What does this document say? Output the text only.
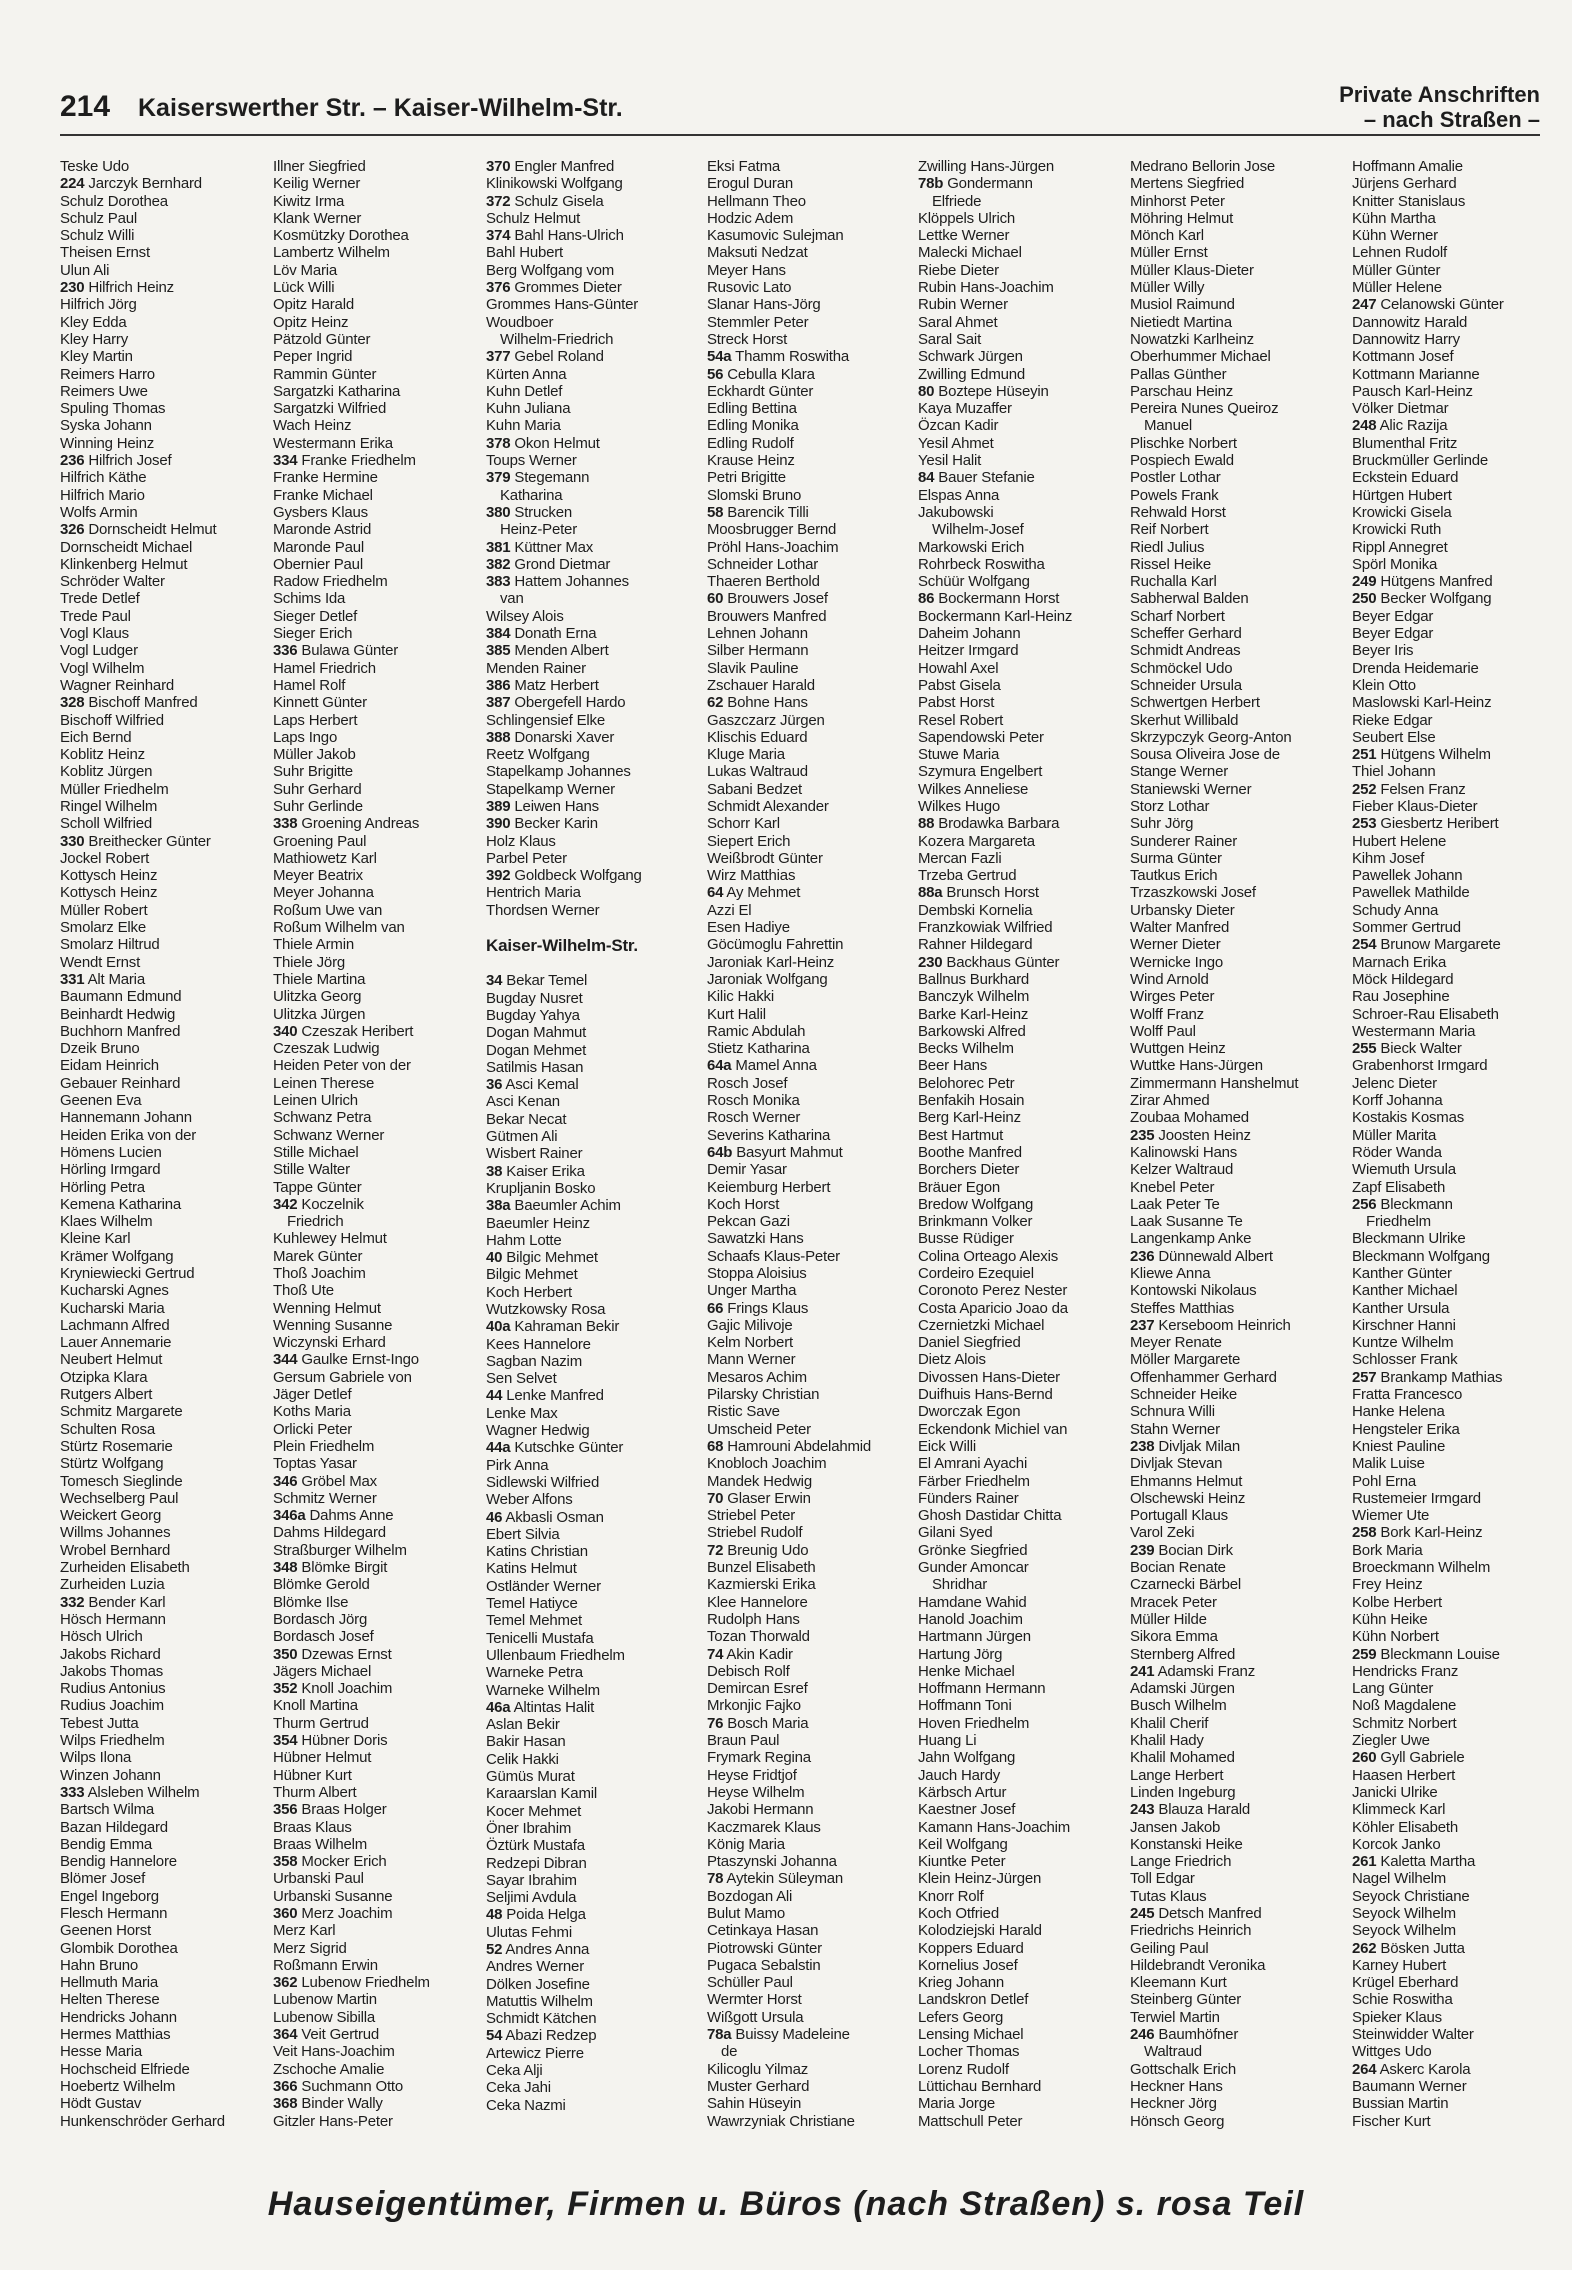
214 Kaiserswerther Str. – Kaiser-Wilhelm-Str.	Private Anschriften
– nach Straßen –
Teske Udo
224 Jarczyk Bernhard
Schulz Dorothea
Schulz Paul
Schulz Willi
Theisen Ernst
Ulun Ali
230 Hilfrich Heinz
Hilfrich Jörg
Kley Edda
Kley Harry
Kley Martin
Reimers Harro
Reimers Uwe
Spuling Thomas
Syska Johann
Winning Heinz
236 Hilfrich Josef
Hilfrich Käthe
Hilfrich Mario
Wolfs Armin
326 Dornscheidt Helmut
Dornscheidt Michael
Klinkenberg Helmut
Schröder Walter
Trede Detlef
Trede Paul
Vogl Klaus
Vogl Ludger
Vogl Wilhelm
Wagner Reinhard
328 Bischoff Manfred
Bischoff Wilfried
Eich Bernd
Koblitz Heinz
Koblitz Jürgen
Müller Friedhelm
Ringel Wilhelm
Scholl Wilfried
330 Breithecker Günter
Jockel Robert
Kottysch Heinz
Kottysch Heinz
Müller Robert
Smolarz Elke
Smolarz Hiltrud
Wendt Ernst
331 Alt Maria
Baumann Edmund
Beinhardt Hedwig
Buchhorn Manfred
Dzeik Bruno
Eidam Heinrich
Gebauer Reinhard
Geenen Eva
Hannemann Johann
Heiden Erika von der
Hömens Lucien
Hörling Irmgard
Hörling Petra
Kemena Katharina
Klaes Wilhelm
Kleine Karl
Krämer Wolfgang
Kryniewiecki Gertrud
Kucharski Agnes
Kucharski Maria
Lachmann Alfred
Lauer Annemarie
Neubert Helmut
Otzipka Klara
Rutgers Albert
Schmitz Margarete
Schulten Rosa
Stürtz Rosemarie
Stürtz Wolfgang
Tomesch Sieglinde
Wechselberg Paul
Weickert Georg
Willms Johannes
Wrobel Bernhard
Zurheiden Elisabeth
Zurheiden Luzia
332 Bender Karl
Hösch Hermann
Hösch Ulrich
Jakobs Richard
Jakobs Thomas
Rudius Antonius
Rudius Joachim
Tebest Jutta
Wilps Friedhelm
Wilps Ilona
Winzen Johann
333 Alsleben Wilhelm
Bartsch Wilma
Bazan Hildegard
Bendig Emma
Bendig Hannelore
Blömer Josef
Engel Ingeborg
Flesch Hermann
Geenen Horst
Glombik Dorothea
Hahn Bruno
Hellmuth Maria
Helten Therese
Hendricks Johann
Hermes Matthias
Hesse Maria
Hochscheid Elfriede
Hoebertz Wilhelm
Hödt Gustav
Hunkenschröder Gerhard
Illner Siegfried
Keilig Werner
Kiwitz Irma
Klank Werner
Kosmützky Dorothea
Lambertz Wilhelm
Löv Maria
Lück Willi
Opitz Harald
Opitz Heinz
Pätzold Günter
Peper Ingrid
Rammin Günter
Sargatzki Katharina
Sargatzki Wilfried
Wach Heinz
Westermann Erika
334 Franke Friedhelm
Franke Hermine
Franke Michael
Gysbers Klaus
Maronde Astrid
Maronde Paul
Obernier Paul
Radow Friedhelm
Schims Ida
Sieger Detlef
Sieger Erich
336 Bulawa Günter
Hamel Friedrich
Hamel Rolf
Kinnett Günter
Laps Herbert
Laps Ingo
Müller Jakob
Suhr Brigitte
Suhr Gerhard
Suhr Gerlinde
338 Groening Andreas
Groening Paul
Mathiowetz Karl
Meyer Beatrix
Meyer Johanna
Roßum Uwe van
Roßum Wilhelm van
Thiele Armin
Thiele Jörg
Thiele Martina
Ulitzka Georg
Ulitzka Jürgen
340 Czeszak Heribert
Czeszak Ludwig
Heiden Peter von der
Leinen Therese
Leinen Ulrich
Schwanz Petra
Schwanz Werner
Stille Michael
Stille Walter
Tappe Günter
342 Koczelnik
Friedrich
Kuhlewey Helmut
Marek Günter
Thoß Joachim
Thoß Ute
Wenning Helmut
Wenning Susanne
Wiczynski Erhard
344 Gaulke Ernst-Ingo
Gersum Gabriele von
Jäger Detlef
Koths Maria
Orlicki Peter
Plein Friedhelm
Toptas Yasar
346 Gröbel Max
Schmitz Werner
346a Dahms Anne
Dahms Hildegard
Straßburger Wilhelm
348 Blömke Birgit
Blömke Gerold
Blömke Ilse
Bordasch Jörg
Bordasch Josef
350 Dzewas Ernst
Jägers Michael
352 Knoll Joachim
Knoll Martina
Thurm Gertrud
354 Hübner Doris
Hübner Helmut
Hübner Kurt
Thurm Albert
356 Braas Holger
Braas Klaus
Braas Wilhelm
358 Mocker Erich
Urbanski Paul
Urbanski Susanne
360 Merz Joachim
Merz Karl
Merz Sigrid
Roßmann Erwin
362 Lubenow Friedhelm
Lubenow Martin
Lubenow Sibilla
364 Veit Gertrud
Veit Hans-Joachim
Zschoche Amalie
366 Suchmann Otto
368 Binder Wally
Gitzler Hans-Peter
370 Engler Manfred
Klinikowski Wolfgang
372 Schulz Gisela
Schulz Helmut
374 Bahl Hans-Ulrich
Bahl Hubert
Berg Wolfgang vom
376 Grommes Dieter
Grommes Hans-Günter
Woudboer
Wilhelm-Friedrich
377 Gebel Roland
Kürten Anna
Kuhn Detlef
Kuhn Juliana
Kuhn Maria
378 Okon Helmut
Toups Werner
379 Stegemann
Katharina
380 Strucken
Heinz-Peter
381 Küttner Max
382 Grond Dietmar
383 Hattem Johannes
van
Wilsey Alois
384 Donath Erna
385 Menden Albert
Menden Rainer
386 Matz Herbert
387 Obergefell Hardo
Schlingensief Elke
388 Donarski Xaver
Reetz Wolfgang
Stapelkamp Johannes
Stapelkamp Werner
389 Leiwen Hans
390 Becker Karin
Holz Klaus
Parbel Peter
392 Goldbeck Wolfgang
Hentrich Maria
Thordsen Werner
Kaiser-Wilhelm-Str.
34 Bekar Temel
Bugday Nusret
Bugday Yahya
Dogan Mahmut
Dogan Mehmet
Satilmis Hasan
36 Asci Kemal
Asci Kenan
Bekar Necat
Gütmen Ali
Wisbert Rainer
38 Kaiser Erika
Krupljanin Bosko
38a Baeumler Achim
Baeumler Heinz
Hahm Lotte
40 Bilgic Mehmet
Bilgic Mehmet
Koch Herbert
Wutzkowsky Rosa
40a Kahraman Bekir
Kees Hannelore
Sagban Nazim
Sen Selvet
44 Lenke Manfred
Lenke Max
Wagner Hedwig
44a Kutschke Günter
Pirk Anna
Sidlewski Wilfried
Weber Alfons
46 Akbasli Osman
Ebert Silvia
Katins Christian
Katins Helmut
Ostländer Werner
Temel Hatiyce
Temel Mehmet
Tenicelli Mustafa
Ullenbaum Friedhelm
Warneke Petra
Warneke Wilhelm
46a Altintas Halit
Aslan Bekir
Bakir Hasan
Celik Hakki
Gümüs Murat
Karaarslan Kamil
Kocer Mehmet
Öner Ibrahim
Öztürk Mustafa
Redzepi Dibran
Sayar Ibrahim
Seljimi Avdula
48 Poida Helga
Ulutas Fehmi
52 Andres Anna
Andres Werner
Dölken Josefine
Matuttis Wilhelm
Schmidt Kätchen
54 Abazi Redzep
Artewicz Pierre
Ceka Alji
Ceka Jahi
Ceka Nazmi
Eksi Fatma
Erogul Duran
Hellmann Theo
Hodzic Adem
Kasumovic Sulejman
Maksuti Nedzat
Meyer Hans
Rusovic Lato
Slanar Hans-Jörg
Stemmler Peter
Streck Horst
54a Thamm Roswitha
56 Cebulla Klara
Eckhardt Günter
Edling Bettina
Edling Monika
Edling Rudolf
Krause Heinz
Petri Brigitte
Slomski Bruno
58 Barencik Tilli
Moosbrugger Bernd
Pröhl Hans-Joachim
Schneider Lothar
Thaeren Berthold
60 Brouwers Josef
Brouwers Manfred
Lehnen Johann
Silber Hermann
Slavik Pauline
Zschauer Harald
62 Bohne Hans
Gaszczarz Jürgen
Klischis Eduard
Kluge Maria
Lukas Waltraud
Sabani Bedzet
Schmidt Alexander
Schorr Karl
Siepert Erich
Weißbrodt Günter
Wirz Matthias
64 Ay Mehmet
Azzi El
Esen Hadiye
Göcümoglu Fahrettin
Jaroniak Karl-Heinz
Jaroniak Wolfgang
Kilic Hakki
Kurt Halil
Ramic Abdulah
Stietz Katharina
64a Mamel Anna
Rosch Josef
Rosch Monika
Rosch Werner
Severins Katharina
64b Basyurt Mahmut
Demir Yasar
Keiemburg Herbert
Koch Horst
Pekcan Gazi
Sawatzki Hans
Schaafs Klaus-Peter
Stoppa Aloisius
Unger Martha
66 Frings Klaus
Gajic Milivoje
Kelm Norbert
Mann Werner
Mesaros Achim
Pilarsky Christian
Ristic Save
Umscheid Peter
68 Hamrouni Abdelahmid
Knobloch Joachim
Mandek Hedwig
70 Glaser Erwin
Striebel Peter
Striebel Rudolf
72 Breunig Udo
Bunzel Elisabeth
Kazmierski Erika
Klee Hannelore
Rudolph Hans
Tozan Thorwald
74 Akin Kadir
Debisch Rolf
Demircan Esref
Mrkonjic Fajko
76 Bosch Maria
Braun Paul
Frymark Regina
Heyse Fridtjof
Heyse Wilhelm
Jakobi Hermann
Kaczmarek Klaus
König Maria
Ptaszynski Johanna
78 Aytekin Süleyman
Bozdogan Ali
Bulut Mamo
Cetinkaya Hasan
Piotrowski Günter
Pugaca Sebalstin
Schüller Paul
Wermter Horst
Wißgott Ursula
78a Buissy Madeleine
de
Kilicoglu Yilmaz
Muster Gerhard
Sahin Hüseyin
Wawrzyniak Christiane
Zwilling Hans-Jürgen
78b Gondermann
Elfriede
Klöppels Ulrich
Lettke Werner
Malecki Michael
Riebe Dieter
Rubin Hans-Joachim
Rubin Werner
Saral Ahmet
Saral Sait
Schwark Jürgen
Zwilling Edmund
80 Boztepe Hüseyin
Kaya Muzaffer
Özcan Kadir
Yesil Ahmet
Yesil Halit
84 Bauer Stefanie
Elspas Anna
Jakubowski
Wilhelm-Josef
Markowski Erich
Rohrbeck Roswitha
Schüür Wolfgang
86 Bockermann Horst
Bockermann Karl-Heinz
Daheim Johann
Heitzer Irmgard
Howahl Axel
Pabst Gisela
Pabst Horst
Resel Robert
Sapendowski Peter
Stuwe Maria
Szymura Engelbert
Wilkes Anneliese
Wilkes Hugo
88 Brodawka Barbara
Kozera Margareta
Mercan Fazli
Trzeba Gertrud
88a Brunsch Horst
Dembski Kornelia
Franzkowiak Wilfried
Rahner Hildegard
230 Backhaus Günter
Ballnus Burkhard
Banczyk Wilhelm
Barke Karl-Heinz
Barkowski Alfred
Becks Wilhelm
Beer Hans
Belohorec Petr
Benfakih Hosain
Berg Karl-Heinz
Best Hartmut
Boothe Manfred
Borchers Dieter
Bräuer Egon
Bredow Wolfgang
Brinkmann Volker
Busse Rüdiger
Colina Orteago Alexis
Cordeiro Ezequiel
Coronoto Perez Nester
Costa Aparicio Joao da
Czernietzki Michael
Daniel Siegfried
Dietz Alois
Divossen Hans-Dieter
Duifhuis Hans-Bernd
Dworczak Egon
Eckendonk Michiel van
Eick Willi
El Amrani Ayachi
Färber Friedhelm
Fünders Rainer
Ghosh Dastidar Chitta
Gilani Syed
Grönke Siegfried
Gunder Amoncar
Shridhar
Hamdane Wahid
Hanold Joachim
Hartmann Jürgen
Hartung Jörg
Henke Michael
Hoffmann Hermann
Hoffmann Toni
Hoven Friedhelm
Huang Li
Jahn Wolfgang
Jauch Hardy
Kärbsch Artur
Kaestner Josef
Kamann Hans-Joachim
Keil Wolfgang
Kiuntke Peter
Klein Heinz-Jürgen
Knorr Rolf
Koch Otfried
Kolodziejski Harald
Koppers Eduard
Kornelius Josef
Krieg Johann
Landskron Detlef
Lefers Georg
Lensing Michael
Locher Thomas
Lorenz Rudolf
Lüttichau Bernhard
Maria Jorge
Mattschull Peter
Medrano Bellorin Jose
Mertens Siegfried
Minhorst Peter
Möhring Helmut
Mönch Karl
Müller Ernst
Müller Klaus-Dieter
Müller Willy
Musiol Raimund
Nietiedt Martina
Nowatzki Karlheinz
Oberhummer Michael
Pallas Günther
Parschau Heinz
Pereira Nunes Queiroz
Manuel
Plischke Norbert
Pospiech Ewald
Postler Lothar
Powels Frank
Rehwald Horst
Reif Norbert
Riedl Julius
Rissel Heike
Ruchalla Karl
Sabherwal Balden
Scharf Norbert
Scheffer Gerhard
Schmidt Andreas
Schmöckel Udo
Schneider Ursula
Schwertgen Herbert
Skerhut Willibald
Skrzypczyk Georg-Anton
Sousa Oliveira Jose de
Stange Werner
Staniewski Werner
Storz Lothar
Suhr Jörg
Sunderer Rainer
Surma Günter
Tautkus Erich
Trzaszkowski Josef
Urbansky Dieter
Walter Manfred
Werner Dieter
Wernicke Ingo
Wind Arnold
Wirges Peter
Wolff Franz
Wolff Paul
Wuttgen Heinz
Wuttke Hans-Jürgen
Zimmermann Hanshelmut
Zirar Ahmed
Zoubaa Mohamed
235 Joosten Heinz
Kalinowski Hans
Kelzer Waltraud
Knebel Peter
Laak Peter Te
Laak Susanne Te
Langenkamp Anke
236 Dünnewald Albert
Kliewe Anna
Kontowski Nikolaus
Steffes Matthias
237 Kerseboom Heinrich
Meyer Renate
Möller Margarete
Offenhammer Gerhard
Schneider Heike
Schnura Willi
Stahn Werner
238 Divljak Milan
Divljak Stevan
Ehmanns Helmut
Olschewski Heinz
Portugall Klaus
Varol Zeki
239 Bocian Dirk
Bocian Renate
Czarnecki Bärbel
Mracek Peter
Müller Hilde
Sikora Emma
Sternberg Alfred
241 Adamski Franz
Adamski Jürgen
Busch Wilhelm
Khalil Cherif
Khalil Hady
Khalil Mohamed
Lange Herbert
Linden Ingeburg
243 Blauza Harald
Jansen Jakob
Konstanski Heike
Lange Friedrich
Toll Edgar
Tutas Klaus
245 Detsch Manfred
Friedrichs Heinrich
Geiling Paul
Hildebrandt Veronika
Kleemann Kurt
Steinberg Günter
Terwiel Martin
246 Baumhöfner
Waltraud
Gottschalk Erich
Heckner Hans
Heckner Jörg
Hönsch Georg
Hoffmann Amalie
Jürjens Gerhard
Knitter Stanislaus
Kühn Martha
Kühn Werner
Lehnen Rudolf
Müller Günter
Müller Helene
247 Celanowski Günter
Dannowitz Harald
Dannowitz Harry
Kottmann Josef
Kottmann Marianne
Pausch Karl-Heinz
Völker Dietmar
248 Alic Razija
Blumenthal Fritz
Bruckmüller Gerlinde
Eckstein Eduard
Hürtgen Hubert
Krowicki Gisela
Krowicki Ruth
Rippl Annegret
Spörl Monika
249 Hütgens Manfred
250 Becker Wolfgang
Beyer Edgar
Beyer Edgar
Beyer Iris
Drenda Heidemarie
Klein Otto
Maslowski Karl-Heinz
Rieke Edgar
Seubert Else
251 Hütgens Wilhelm
Thiel Johann
252 Felsen Franz
Fieber Klaus-Dieter
253 Giesbertz Heribert
Hubert Helene
Kihm Josef
Pawellek Johann
Pawellek Mathilde
Schudy Anna
Sommer Gertrud
254 Brunow Margarete
Marnach Erika
Möck Hildegard
Rau Josephine
Schroer-Rau Elisabeth
Westermann Maria
255 Bieck Walter
Grabenhorst Irmgard
Jelenc Dieter
Korff Johanna
Kostakis Kosmas
Müller Marita
Röder Wanda
Wiemuth Ursula
Zapf Elisabeth
256 Bleckmann
Friedhelm
Bleckmann Ulrike
Bleckmann Wolfgang
Kanther Günter
Kanther Michael
Kanther Ursula
Kirschner Hanni
Kuntze Wilhelm
Schlosser Frank
257 Brankamp Mathias
Fratta Francesco
Hanke Helena
Hengsteler Erika
Kniest Pauline
Malik Luise
Pohl Erna
Rustemeier Irmgard
Wiemer Ute
258 Bork Karl-Heinz
Bork Maria
Broeckmann Wilhelm
Frey Heinz
Kolbe Herbert
Kühn Heike
Kühn Norbert
259 Bleckmann Louise
Hendricks Franz
Lang Günter
Noß Magdalene
Schmitz Norbert
Ziegler Uwe
260 Gyll Gabriele
Haasen Herbert
Janicki Ulrike
Klimmeck Karl
Köhler Elisabeth
Korcok Janko
261 Kaletta Martha
Nagel Wilhelm
Seyock Christiane
Seyock Wilhelm
Seyock Wilhelm
262 Bösken Jutta
Karney Hubert
Krügel Eberhard
Schie Roswitha
Spieker Klaus
Steinwidder Walter
Wittges Udo
264 Askerc Karola
Baumann Werner
Bussian Martin
Fischer Kurt
Hauseigentümer, Firmen u. Büros (nach Straßen) s. rosa Teil
